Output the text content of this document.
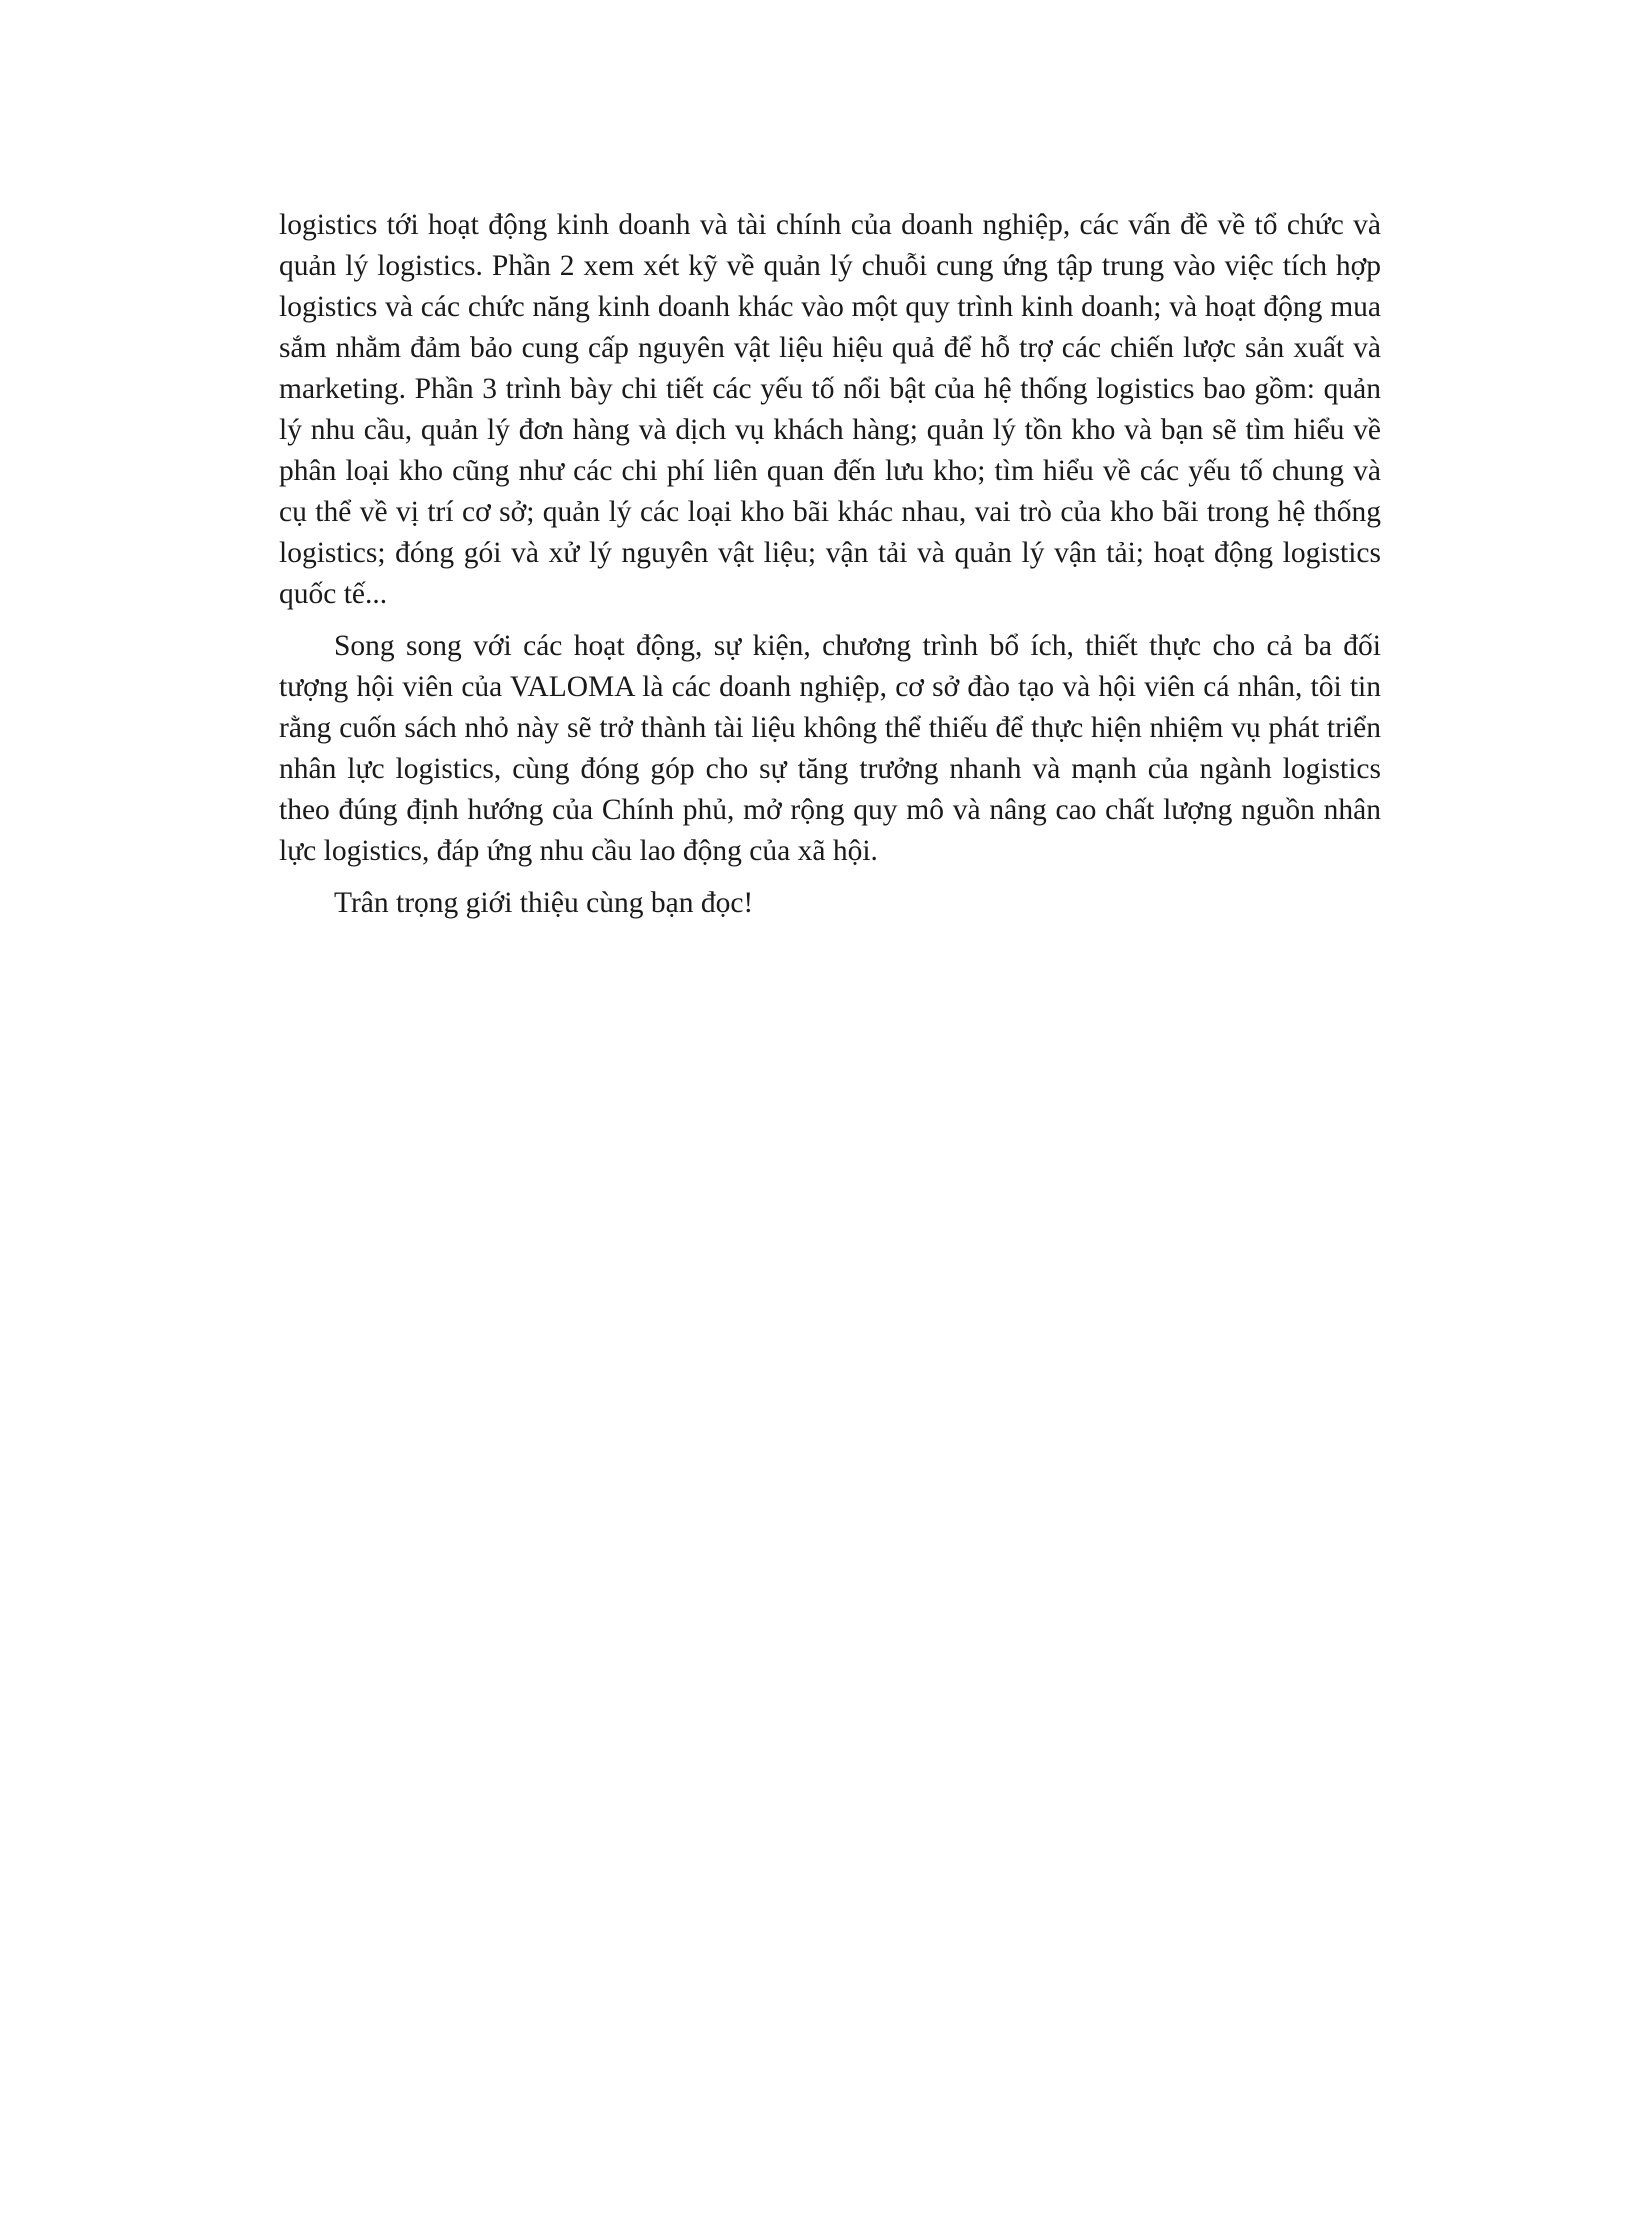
logistics tới hoạt động kinh doanh và tài chính của doanh nghiệp, các vấn đề về tổ chức và quản lý logistics. Phần 2 xem xét kỹ về quản lý chuỗi cung ứng tập trung vào việc tích hợp logistics và các chức năng kinh doanh khác vào một quy trình kinh doanh; và hoạt động mua sắm nhằm đảm bảo cung cấp nguyên vật liệu hiệu quả để hỗ trợ các chiến lược sản xuất và marketing. Phần 3 trình bày chi tiết các yếu tố nổi bật của hệ thống logistics bao gồm: quản lý nhu cầu, quản lý đơn hàng và dịch vụ khách hàng; quản lý tồn kho và bạn sẽ tìm hiểu về phân loại kho cũng như các chi phí liên quan đến lưu kho; tìm hiểu về các yếu tố chung và cụ thể về vị trí cơ sở; quản lý các loại kho bãi khác nhau, vai trò của kho bãi trong hệ thống logistics; đóng gói và xử lý nguyên vật liệu; vận tải và quản lý vận tải; hoạt động logistics quốc tế...

Song song với các hoạt động, sự kiện, chương trình bổ ích, thiết thực cho cả ba đối tượng hội viên của VALOMA là các doanh nghiệp, cơ sở đào tạo và hội viên cá nhân, tôi tin rằng cuốn sách nhỏ này sẽ trở thành tài liệu không thể thiếu để thực hiện nhiệm vụ phát triển nhân lực logistics, cùng đóng góp cho sự tăng trưởng nhanh và mạnh của ngành logistics theo đúng định hướng của Chính phủ, mở rộng quy mô và nâng cao chất lượng nguồn nhân lực logistics, đáp ứng nhu cầu lao động của xã hội.

Trân trọng giới thiệu cùng bạn đọc!
